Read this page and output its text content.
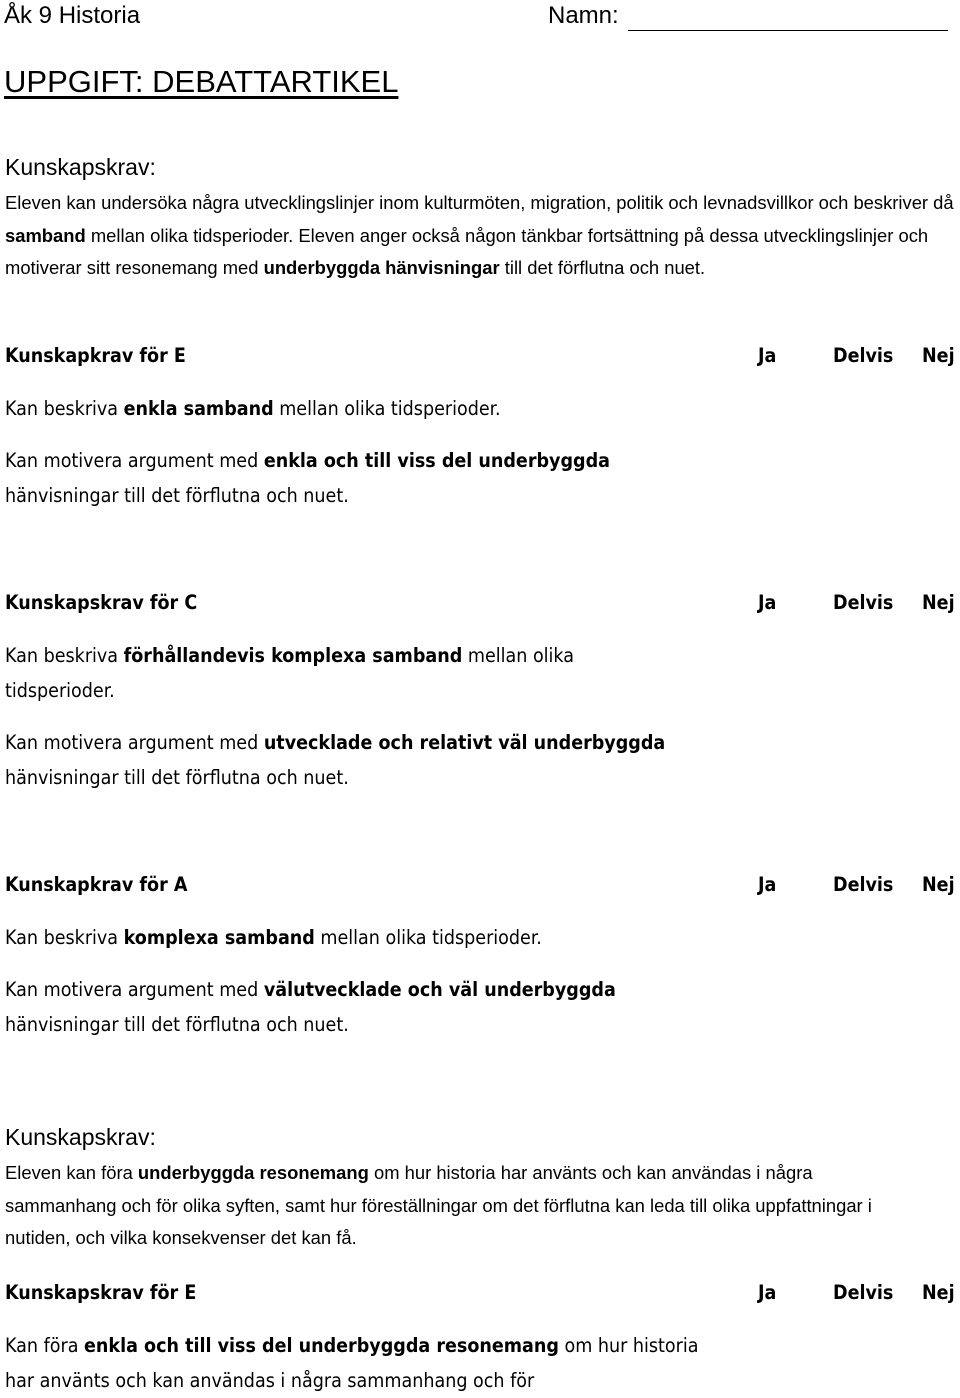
Åk 9 Historia	Namn:
UPPGIFT: DEBATTARTIKEL
Kunskapskrav:
Eleven kan undersöka några utvecklingslinjer inom kulturmöten, migration, politik och levnadsvillkor och beskriver då samband mellan olika tidsperioder. Eleven anger också någon tänkbar fortsättning på dessa utvecklingslinjer och motiverar sitt resonemang med underbyggda hänvisningar till det förflutna och nuet.
Kunskapkrav för E	Ja	Delvis Nej
Kan beskriva enkla samband mellan olika tidsperioder.
Kan motivera argument med enkla och till viss del underbyggda hänvisningar till det förflutna och nuet.
Kunskapskrav för C	Ja	Delvis Nej
Kan beskriva förhållandevis komplexa samband mellan olika tidsperioder.
Kan motivera argument med utvecklade och relativt väl underbyggda hänvisningar till det förflutna och nuet.
Kunskapkrav för A	Ja	Delvis Nej
Kan beskriva komplexa samband mellan olika tidsperioder.
Kan motivera argument med välutvecklade och väl underbyggda hänvisningar till det förflutna och nuet.
Kunskapskrav:
Eleven kan föra underbyggda resonemang om hur historia har använts och kan användas i några sammanhang och för olika syften, samt hur föreställningar om det förflutna kan leda till olika uppfattningar i nutiden, och vilka konsekvenser det kan få.
Kunskapskrav för E	Ja	Delvis Nej
Kan föra enkla och till viss del underbyggda resonemang om hur historia har använts och kan användas i några sammanhang och för
